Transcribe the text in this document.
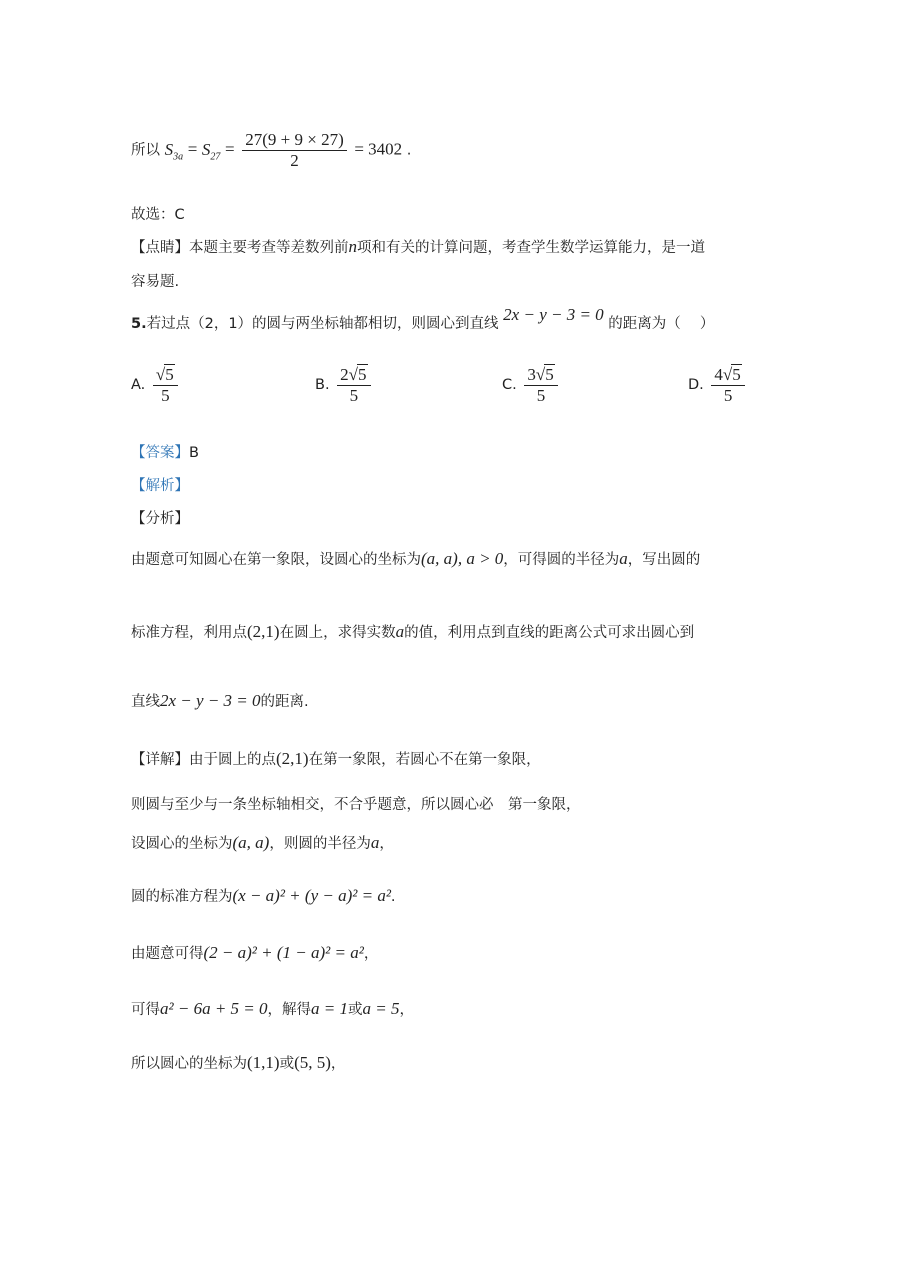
所以 $S_{3a} = S_{27} = \frac{27(9 + 9 \times 27)}{2} = 3402$ .
故选：C
【点睛】本题主要考查等差数列前n项和有关的计算问题，考查学生数学运算能力，是一道
容易题.
5.若过点（2，1）的圆与两坐标轴都相切，则圆心到直线 2x − y − 3 = 0 的距离为（　 ）
A. $\frac{√5}{5}$	B. $\frac{2√5}{5}$	C. $\frac{3√5}{5}$	D. $\frac{4√5}{5}$
【答案】B
【解析】
【分析】
由题意可知圆心在第一象限，设圆心的坐标为(a, a), a > 0，可得圆的半径为a，写出圆的
标准方程，利用点(2,1)在圆上，求得实数a的值，利用点到直线的距离公式可求出圆心到
直线2x − y − 3 = 0的距离.
【详解】由于圆上的点(2,1)在第一象限，若圆心不在第一象限，
则圆与至少与一条坐标轴相交，不合乎题意，所以圆心必　第一象限，
设圆心的坐标为(a, a)，则圆的半径为a，
圆的标准方程为(x − a)² + (y − a)² = a².
由题意可得(2 − a)² + (1 − a)² = a²，
可得a² − 6a + 5 = 0，解得a = 1或a = 5，
所以圆心的坐标为(1,1)或(5, 5)，
